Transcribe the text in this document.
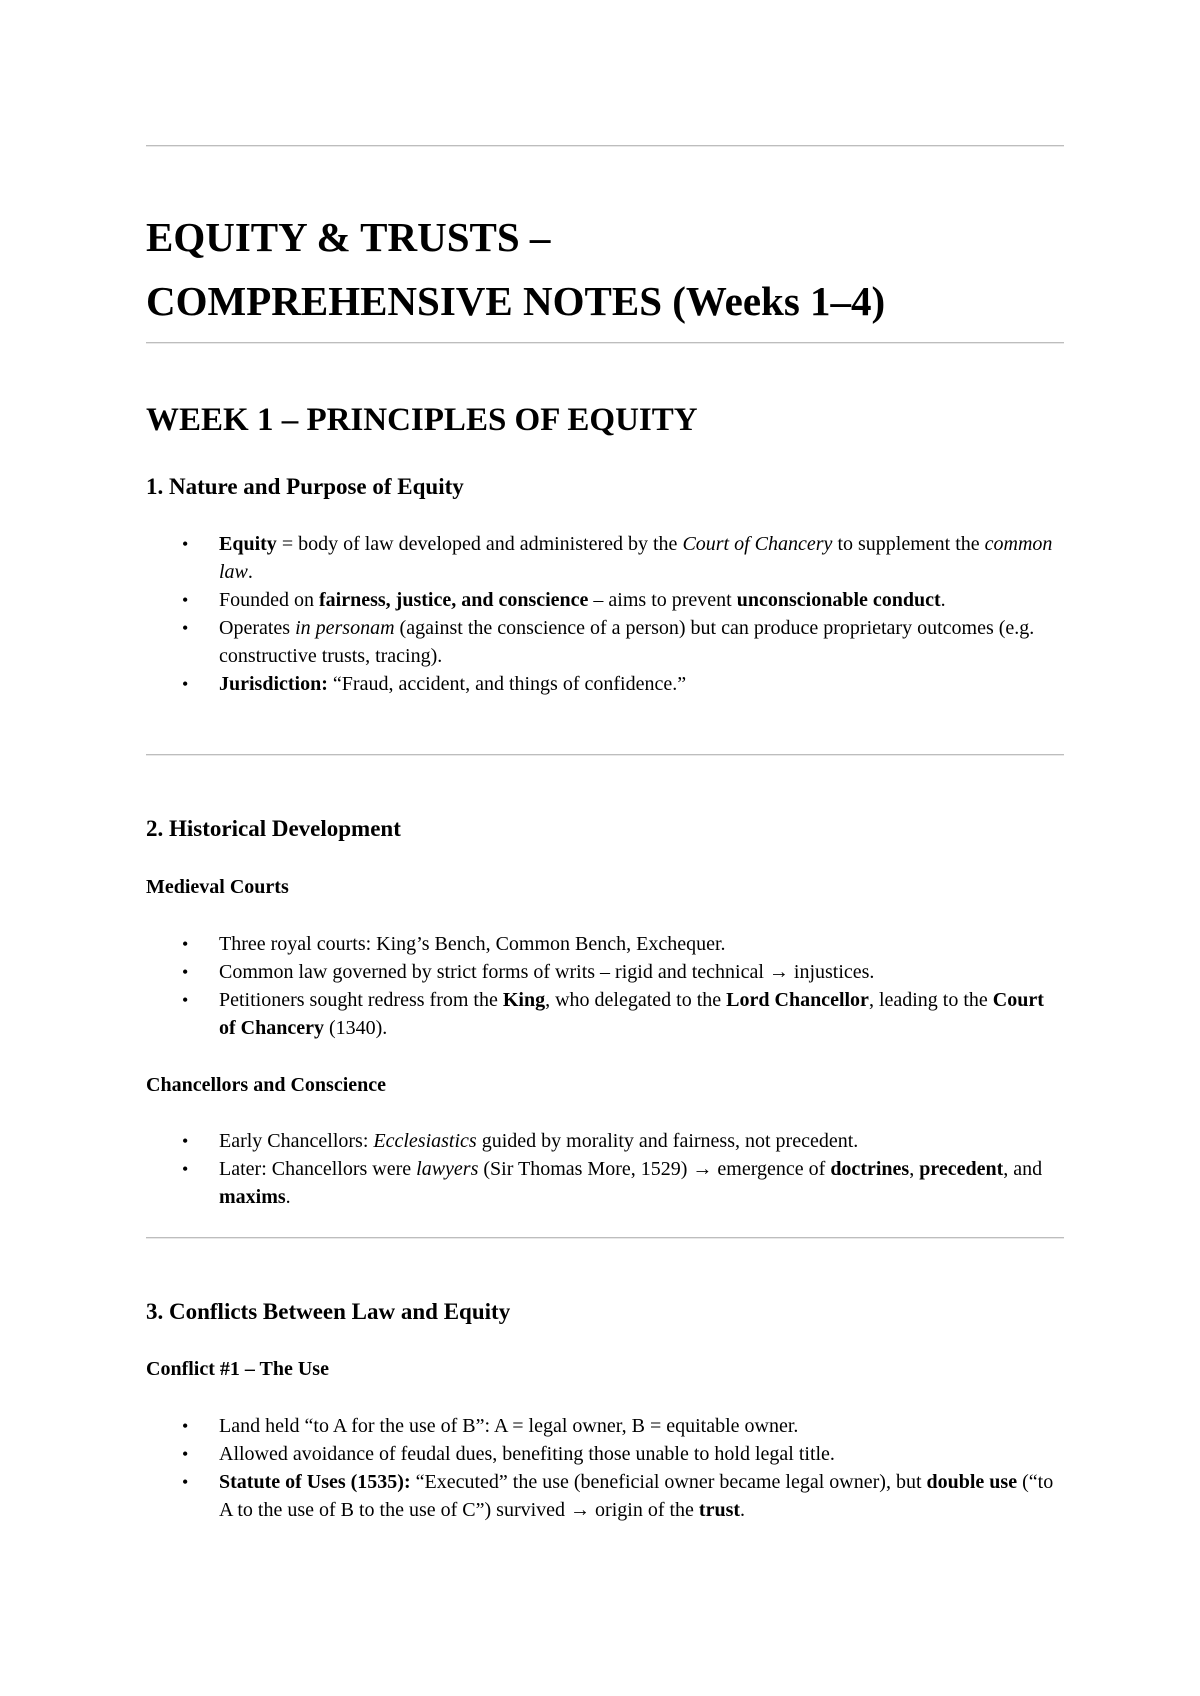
EQUITY & TRUSTS –
COMPREHENSIVE NOTES (Weeks 1–4)
WEEK 1 – PRINCIPLES OF EQUITY
1. Nature and Purpose of Equity
• Equity = body of law developed and administered by the Court of Chancery to supplement the common law.
• Founded on fairness, justice, and conscience – aims to prevent unconscionable conduct.
• Operates in personam (against the conscience of a person) but can produce proprietary outcomes (e.g. constructive trusts, tracing).
• Jurisdiction: “Fraud, accident, and things of confidence.”
2. Historical Development
Medieval Courts
• Three royal courts: King’s Bench, Common Bench, Exchequer.
• Common law governed by strict forms of writs – rigid and technical → injustices.
• Petitioners sought redress from the King, who delegated to the Lord Chancellor, leading to the Court of Chancery (1340).
Chancellors and Conscience
• Early Chancellors: Ecclesiastics guided by morality and fairness, not precedent.
• Later: Chancellors were lawyers (Sir Thomas More, 1529) → emergence of doctrines, precedent, and maxims.
3. Conflicts Between Law and Equity
Conflict #1 – The Use
• Land held “to A for the use of B”: A = legal owner, B = equitable owner.
• Allowed avoidance of feudal dues, benefiting those unable to hold legal title.
• Statute of Uses (1535): “Executed” the use (beneficial owner became legal owner), but double use (“to A to the use of B to the use of C”) survived → origin of the trust.
